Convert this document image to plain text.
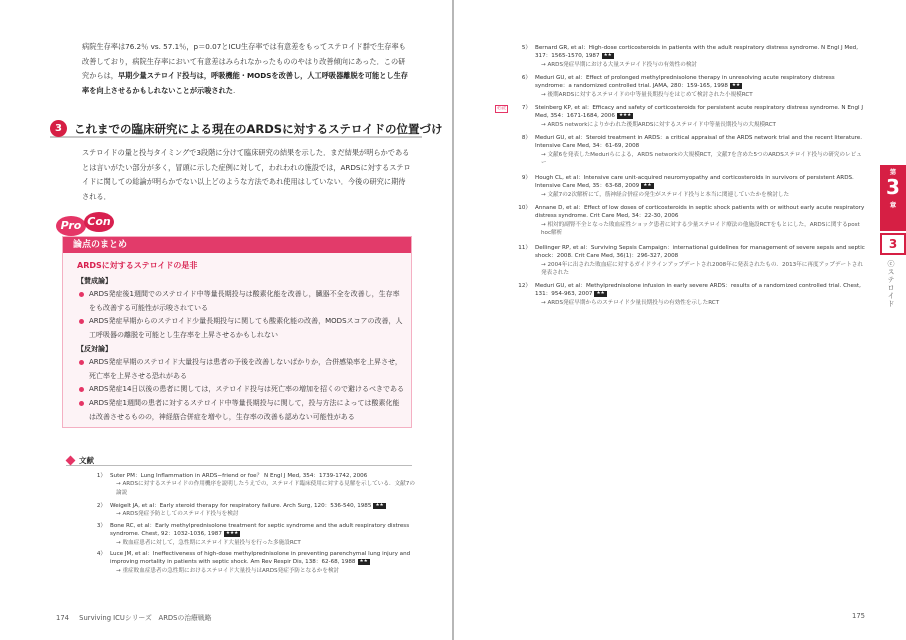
病院生存率は76.2％ vs. 57.1％，p＝0.07とICU生存率では有意差をもってステロイド群で生存率も改善しており，病院生存率において有意差はみられなかったもののやはり改善傾向にあった．この研究からは，早期少量ステロイド投与は，呼吸機能・MODSを改善し，人工呼吸器離脱を可能とし生存率を向上させるかもしれないことが示唆された.

3	これまでの臨床研究による現在のARDSに対するステロイドの位置づけ

ステロイドの量と投与タイミングで3段階に分けて臨床研究の結果を示した．まだ結果が明らかであるとは言いがたい部分が多く，冒頭に示した症例に対して，われわれの施設では，ARDSに対するステロイドに関しての総論が明らかでない以上どのような方法であれ使用はしていない．今後の研究に期待される．

Pro Con
論点のまとめ
ARDSに対するステロイドの是非
【賛成論】
ARDS発症後1週間でのステロイド中等量長期投与は酸素化能を改善し，臓器不全を改善し，生存率をも改善する可能性が示唆されている
ARDS発症早期からのステロイド少量長期投与に関しても酸素化能の改善，MODSスコアの改善，人工呼吸器の離脱を可能とし生存率を上昇させるかもしれない
【反対論】
ARDS発症早期のステロイド大量投与は患者の予後を改善しないばかりか，合併感染率を上昇させ，死亡率を上昇させる恐れがある
ARDS発症14日以後の患者に関しては，ステロイド投与は死亡率の増加を招くので避けるべきである
ARDS発症1週間の患者に対するステロイド中等量長期投与に関して，投与方法によっては酸素化能は改善させるものの，神経筋合併症を増やし，生存率の改善も認めない可能性がある
文献
1） Suter PM：Lung Inflammation in ARDS−friend or foe？ N Engl J Med, 354：1739-1742, 2006
→ ARDSに対するステロイドの作用機序を説明したうえでの，ステロイド臨床使用に対する見解を示している．文献7の論説
2） Weigelt JA, et al：Early steroid therapy for respiratory failure. Arch Surg, 120：536-540, 1985 ★★
→ ARDS発症予防としてのステロイド投与を検討
3） Bone RC, et al：Early methylprednisolone treatment for septic syndrome and the adult respiratory distress syndrome. Chest, 92：1032-1036, 1987 ★★★
→ 敗血症患者に対して，急性期にステロイド大量投与を行った多施設RCT
4） Luce JM, et al：Ineffectiveness of high-dose methylprednisolone in preventing parenchymal lung injury and improving mortality in patients with septic shock. Am Rev Respir Dis, 138：62-68, 1988 ★★
→ 重症敗血症患者の急性期におけるステロイド大量投与はARDS発症予防となるかを検討
174 Surviving ICUシリーズ　ARDSの治療戦略
5） Bernard GR, et al：High-dose corticosteroids in patients with the adult respiratory distress syndrome. N Engl J Med, 317：1565-1570, 1987 ★★
→ ARDS発症早期における大量ステロイド投与の有効性の検討
6） Meduri GU, et al：Effect of prolonged methylprednisolone therapy in unresolving acute respiratory distress syndrome：a randomized controlled trial. JAMA, 280：159-165, 1998 ★★
→ 後期ARDSに対するステロイドの中等量長期投与をはじめて検討された小規模RCT
7）
必読	Steinberg KP, et al：Efficacy and safety of corticosteroids for persistent acute respiratory distress syndrome. N Engl J Med, 354：1671-1684, 2006 ★★★
→ ARDS networkによりかわれた後期ARDSに対するステロイド中等量長期投与の大規模RCT
8） Meduri GU, et al：Steroid treatment in ARDS：a critical appraisal of the ARDS network trial and the recent literature. Intensive Care Med, 34：61-69, 2008
→ 文献6を発表したMeduriらによる，ARDS networkの大規模RCT，文献7を含めた5つのARDSステロイド投与の研究のレビュー
9） Hough CL, et al：Intensive care unit-acquired neuromyopathy and corticosteroids in survivors of persistent ARDS. Intensive Care Med, 35：63-68, 2009 ★★
→ 文献7の2次解析にて，筋神経合併症の発生がステロイド投与と本当に関連していたかを検討した
10） Annane D, et al：Effect of low doses of corticosteroids in septic shock patients with or without early acute respiratory distress syndrome. Crit Care Med, 34：22-30, 2006
→ 相対的副腎不全となった敗血症性ショック患者に対する少量ステロイド療法の他施設RCTをもとにした，ARDSに関するpost hoc解析
11） Dellinger RP, et al：Surviving Sepsis Campaign：international guidelines for management of severe sepsis and septic shock：2008. Crit Care Med, 36(1)：296-327, 2008
→ 2004年に出された敗血症に対するガイドラインアップデートされ2008年に発表されたもの．2013年に再度アップデートされ発表された
12） Meduri GU, et al：Methylprednisolone infusion in early severe ARDS：results of a randomized controlled trial. Chest, 131：954-963, 2007 ★★
→ ARDS発症早期からのステロイド少量長期投与の有効性を示したRCT
第
3
章
3
ⓒステロイド
175
